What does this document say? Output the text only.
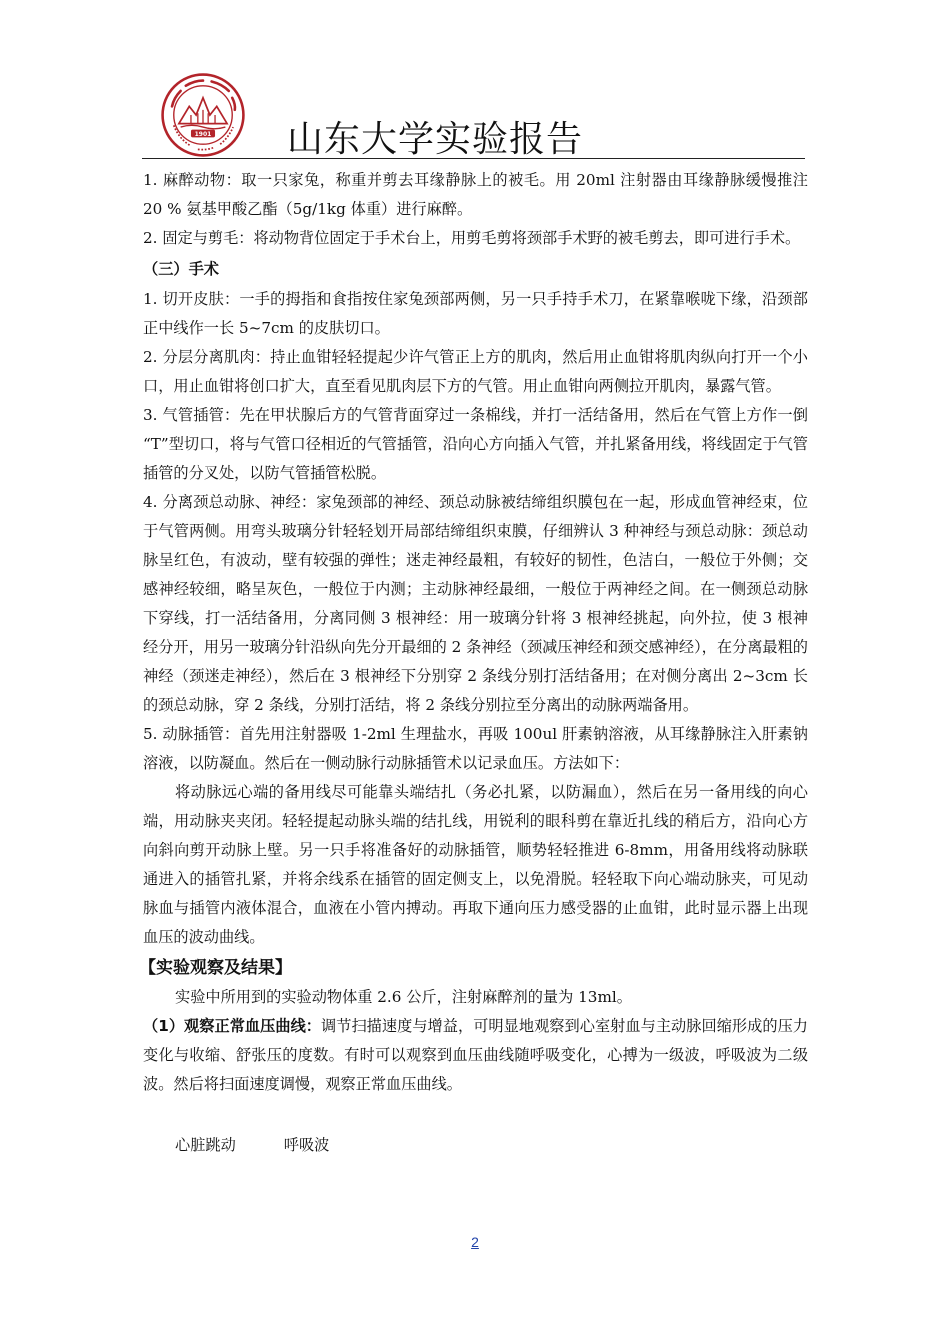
1901 山东大学实验报告

1. 麻醉动物：取一只家兔，称重并剪去耳缘静脉上的被毛。用 20ml 注射器由耳缘静脉缓慢推注 20 % 氨基甲酸乙酯（5g/1kg 体重）进行麻醉。

2. 固定与剪毛：将动物背位固定于手术台上，用剪毛剪将颈部手术野的被毛剪去，即可进行手术。

（三）手术

1. 切开皮肤：一手的拇指和食指按住家兔颈部两侧，另一只手持手术刀，在紧靠喉咙下缘，沿颈部正中线作一长 5~7cm 的皮肤切口。

2. 分层分离肌肉：持止血钳轻轻提起少许气管正上方的肌肉，然后用止血钳将肌肉纵向打开一个小口，用止血钳将创口扩大，直至看见肌肉层下方的气管。用止血钳向两侧拉开肌肉，暴露气管。

3. 气管插管：先在甲状腺后方的气管背面穿过一条棉线，并打一活结备用，然后在气管上方作一倒 “T”型切口，将与气管口径相近的气管插管，沿向心方向插入气管，并扎紧备用线，将线固定于气管插管的分叉处，以防气管插管松脱。

4. 分离颈总动脉、神经：家兔颈部的神经、颈总动脉被结缔组织膜包在一起，形成血管神经束，位于气管两侧。用弯头玻璃分针轻轻划开局部结缔组织束膜，仔细辨认 3 种神经与颈总动脉：颈总动脉呈红色，有波动，壁有较强的弹性；迷走神经最粗，有较好的韧性，色洁白，一般位于外侧；交感神经较细，略呈灰色，一般位于内测；主动脉神经最细，一般位于两神经之间。在一侧颈总动脉下穿线，打一活结备用，分离同侧 3 根神经：用一玻璃分针将 3 根神经挑起，向外拉，使 3 根神经分开，用另一玻璃分针沿纵向先分开最细的 2 条神经（颈减压神经和颈交感神经），在分离最粗的神经（颈迷走神经），然后在 3 根神经下分别穿 2 条线分别打活结备用；在对侧分离出 2~3cm 长的颈总动脉，穿 2 条线，分别打活结，将 2 条线分别拉至分离出的动脉两端备用。

5. 动脉插管：首先用注射器吸 1-2ml 生理盐水，再吸 100ul 肝素钠溶液，从耳缘静脉注入肝素钠溶液，以防凝血。然后在一侧动脉行动脉插管术以记录血压。方法如下：

将动脉远心端的备用线尽可能靠头端结扎（务必扎紧，以防漏血），然后在另一备用线的向心端，用动脉夹夹闭。轻轻提起动脉头端的结扎线，用锐利的眼科剪在靠近扎线的稍后方，沿向心方向斜向剪开动脉上壁。另一只手将准备好的动脉插管，顺势轻轻推进 6-8mm，用备用线将动脉联通进入的插管扎紧，并将余线系在插管的固定侧支上，以免滑脱。轻轻取下向心端动脉夹，可见动脉血与插管内液体混合，血液在小管内搏动。再取下通向压力感受器的止血钳，此时显示器上出现血压的波动曲线。

【实验观察及结果】

实验中所用到的实验动物体重 2.6 公斤，注射麻醉剂的量为 13ml。

（1）观察正常血压曲线：调节扫描速度与增益，可明显地观察到心室射血与主动脉回缩形成的压力变化与收缩、舒张压的度数。有时可以观察到血压曲线随呼吸变化，心搏为一级波，呼吸波为二级波。然后将扫面速度调慢，观察正常血压曲线。

心脏跳动	呼吸波

2
